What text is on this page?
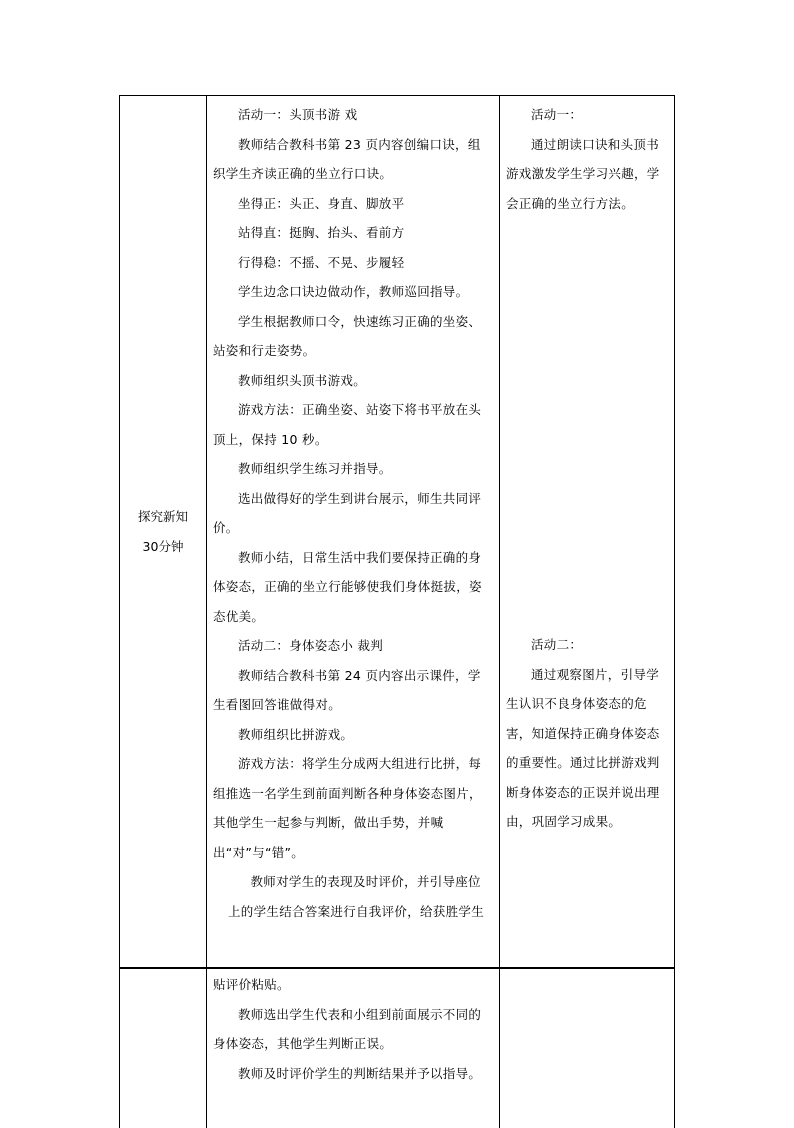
探究新知
30分钟

活动一：头顶书游 戏

教师结合教科书第 23 页内容创编口诀，组织学生齐读正确的坐立行口诀。

坐得正：头正、身直、脚放平

站得直：挺胸、抬头、看前方

行得稳：不摇、不晃、步履轻

学生边念口诀边做动作，教师巡回指导。

学生根据教师口令，快速练习正确的坐姿、站姿和行走姿势。

教师组织头顶书游戏。

游戏方法：正确坐姿、站姿下将书平放在头顶上，保持 10 秒。

教师组织学生练习并指导。

选出做得好的学生到讲台展示，师生共同评价。

教师小结，日常生活中我们要保持正确的身体姿态，正确的坐立行能够使我们身体挺拔，姿态优美。

活动二：身体姿态小 裁判

教师结合教科书第 24 页内容出示课件，学生看图回答谁做得对。

教师组织比拼游戏。

游戏方法：将学生分成两大组进行比拼，每组推选一名学生到前面判断各种身体姿态图片，其他学生一起参与判断，做出手势，并喊出“对”与“错”。

教师对学生的表现及时评价，并引导座位

上的学生结合答案进行自我评价，给获胜学生

活动一：

通过朗读口诀和头顶书游戏激发学生学习兴趣，学会正确的坐立行方法。

活动二：

通过观察图片，引导学生认识不良身体姿态的危害，知道保持正确身体姿态的重要性。通过比拼游戏判断身体姿态的正误并说出理由，巩固学习成果。

贴评价粘贴。

教师选出学生代表和小组到前面展示不同的身体姿态，其他学生判断正误。

教师及时评价学生的判断结果并予以指导。
